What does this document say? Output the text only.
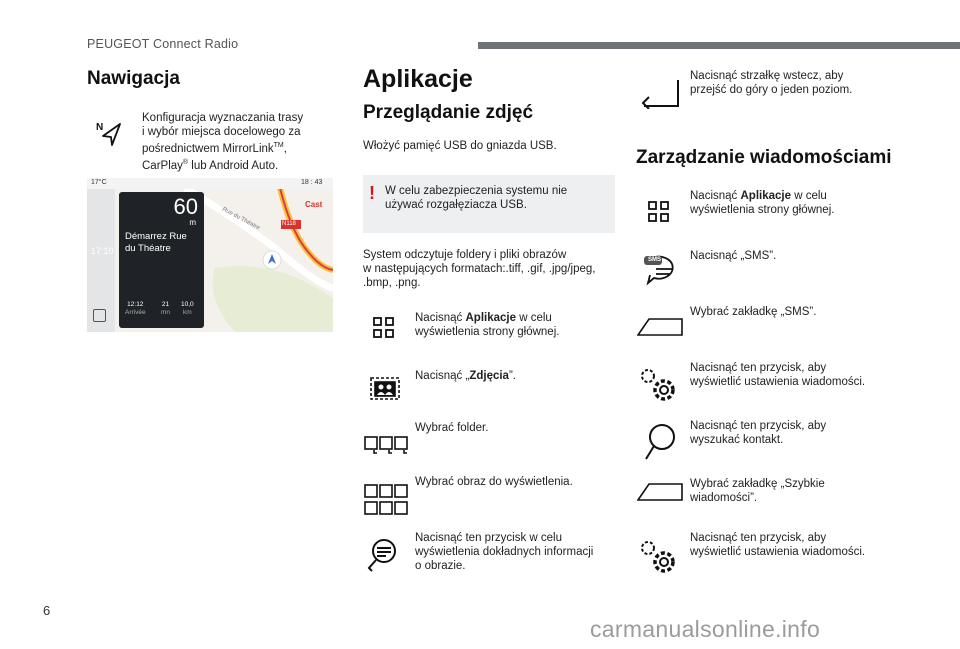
PEUGEOT Connect Radio
Nawigacja
N
Konfiguracja wyznaczania trasy
i wybór miejsca docelowego za
pośrednictwem MirrorLink™,
CarPlay® lub Android Auto.
17:10
N118
Cast
Rue du Théatre
17°C	18 : 43
60
m
Démarrez Rue
du Théatre
12:12
Arrivée
21
mn
10,0
km
Aplikacje
Przeglądanie zdjęć
Włożyć pamięć USB do gniazda USB.
! W celu zabezpieczenia systemu nie
używać rozgałęziacza USB.
System odczytuje foldery i pliki obrazów
w następujących formatach:.tiff, .gif, .jpg/jpeg,
.bmp, .png.
Nacisnąć Aplikacje w celu
wyświetlenia strony głównej.
Nacisnąć „Zdjęcia”.
Wybrać folder.
Wybrać obraz do wyświetlenia.
Nacisnąć ten przycisk w celu
wyświetlenia dokładnych informacji
o obrazie.
Nacisnąć strzałkę wstecz, aby
przejść do góry o jeden poziom.
Zarządzanie wiadomościami
Nacisnąć Aplikacje w celu
wyświetlenia strony głównej.
SMS	Nacisnąć „SMS”.
Wybrać zakładkę „SMS”.
Nacisnąć ten przycisk, aby
wyświetlić ustawienia wiadomości.
Nacisnąć ten przycisk, aby
wyszukać kontakt.
Wybrać zakładkę „Szybkie
wiadomości”.
Nacisnąć ten przycisk, aby
wyświetlić ustawienia wiadomości.
6
carmanualsonline.info
